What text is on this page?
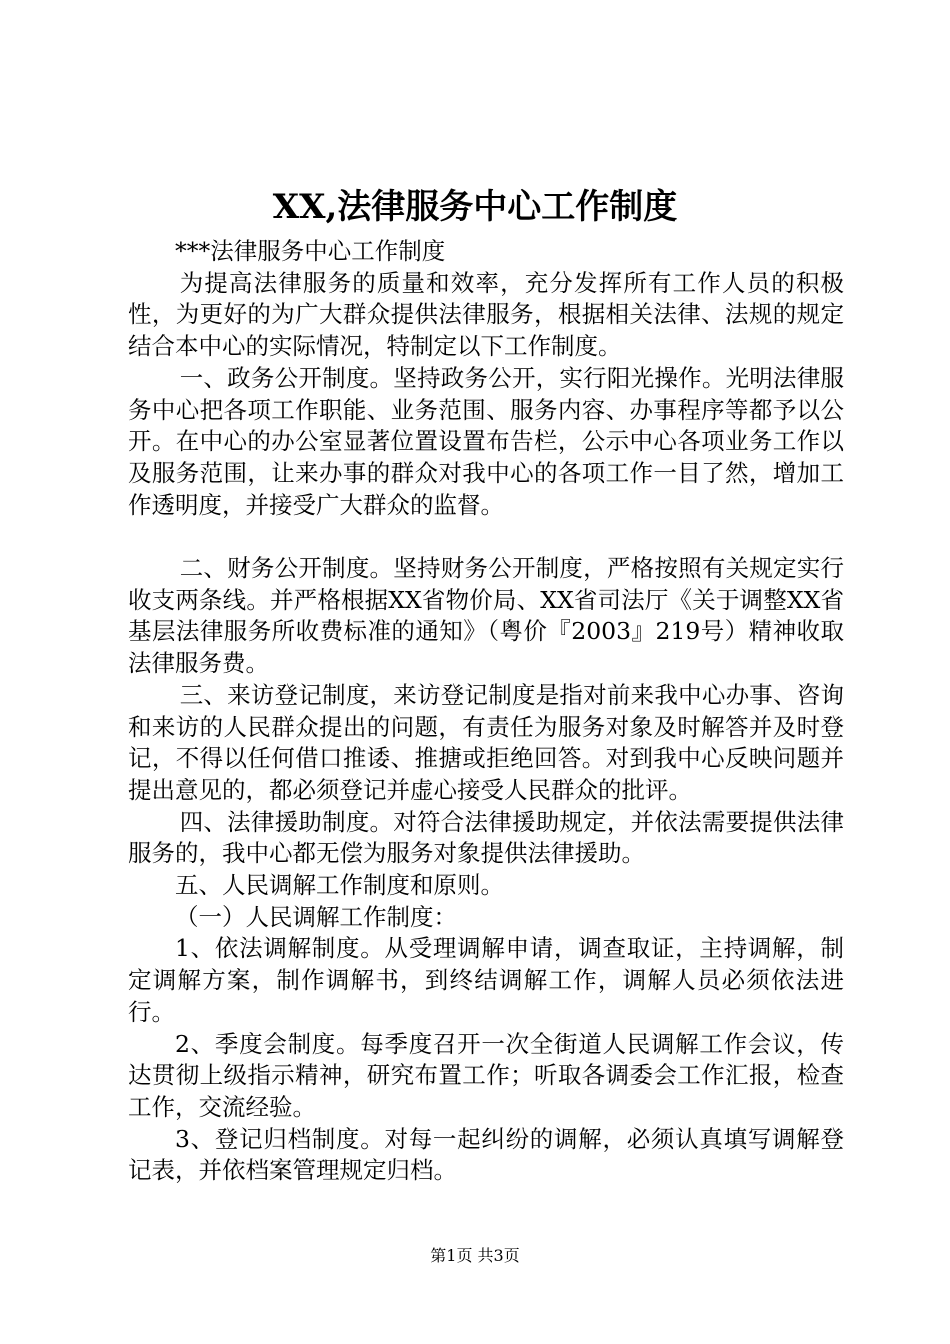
XX,法律服务中心工作制度

***法律服务中心工作制度

为提高法律服务的质量和效率，充分发挥所有工作人员的积极性，为更好的为广大群众提供法律服务，根据相关法律、法规的规定结合本中心的实际情况，特制定以下工作制度。

一、政务公开制度。坚持政务公开，实行阳光操作。光明法律服务中心把各项工作职能、业务范围、服务内容、办事程序等都予以公开。在中心的办公室显著位置设置布告栏，公示中心各项业务工作以及服务范围，让来办事的群众对我中心的各项工作一目了然，增加工作透明度，并接受广大群众的监督。

二、财务公开制度。坚持财务公开制度，严格按照有关规定实行收支两条线。并严格根据XX省物价局、XX省司法厅《关于调整XX省基层法律服务所收费标准的通知》（粤价『2003』219号）精神收取法律服务费。

三、来访登记制度，来访登记制度是指对前来我中心办事、咨询和来访的人民群众提出的问题，有责任为服务对象及时解答并及时登记，不得以任何借口推诿、推搪或拒绝回答。对到我中心反映问题并提出意见的，都必须登记并虚心接受人民群众的批评。

四、法律援助制度。对符合法律援助规定，并依法需要提供法律服务的，我中心都无偿为服务对象提供法律援助。

五、人民调解工作制度和原则。

（一）人民调解工作制度：

1、依法调解制度。从受理调解申请，调查取证，主持调解，制定调解方案，制作调解书，到终结调解工作，调解人员必须依法进行。

2、季度会制度。每季度召开一次全街道人民调解工作会议，传达贯彻上级指示精神，研究布置工作；听取各调委会工作汇报，检查工作，交流经验。

3、登记归档制度。对每一起纠纷的调解，必须认真填写调解登记表，并依档案管理规定归档。

第1页 共3页
